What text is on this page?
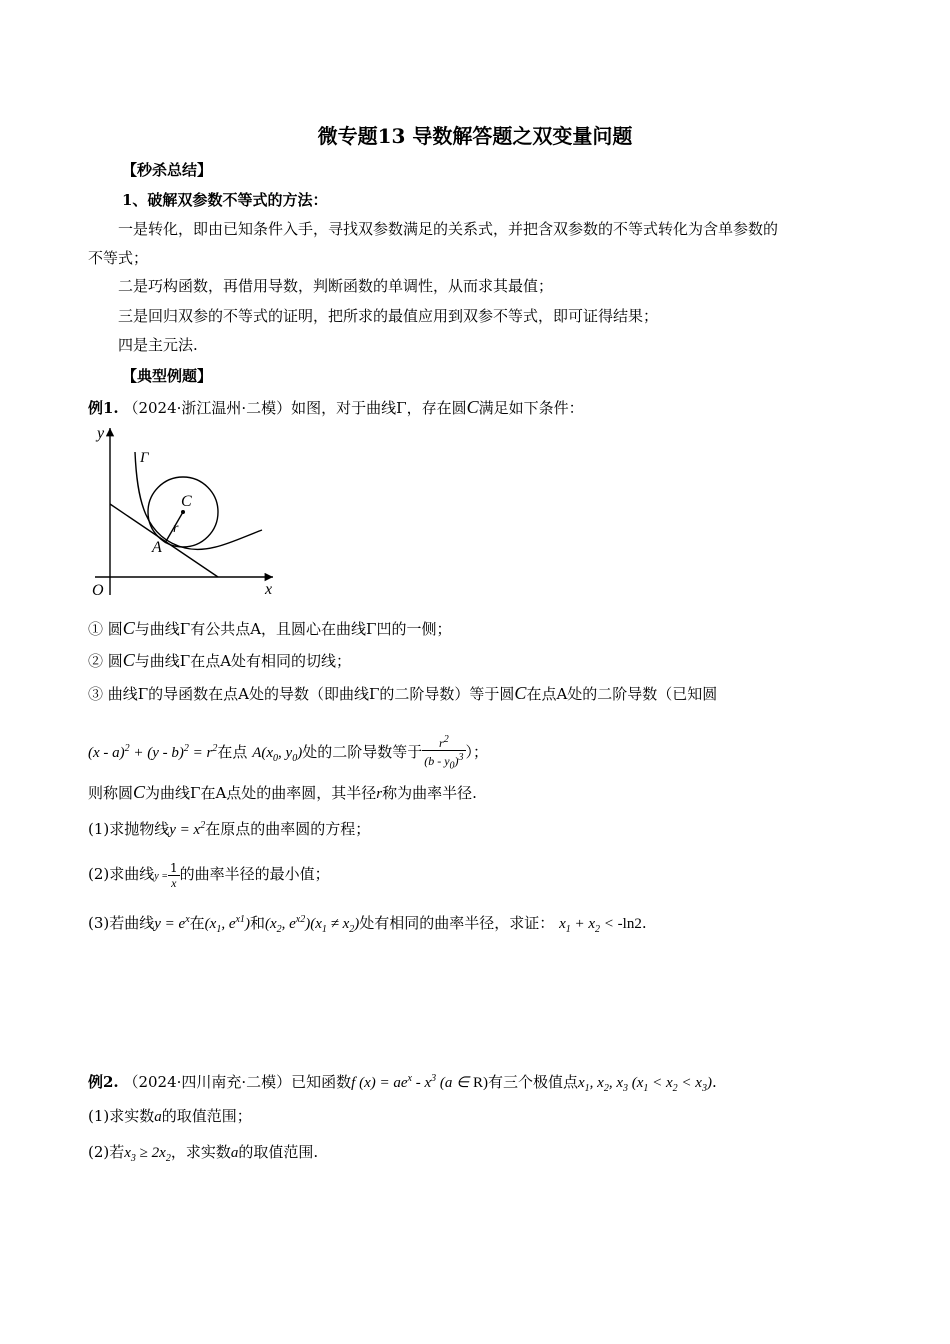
微专题13 导数解答题之双变量问题
【秒杀总结】
1、破解双参数不等式的方法：
一是转化，即由已知条件入手，寻找双参数满足的关系式，并把含双参数的不等式转化为含单参数的
不等式；
二是巧构函数，再借用导数，判断函数的单调性，从而求其最值；
三是回归双参的不等式的证明，把所求的最值应用到双参不等式，即可证得结果；
四是主元法.
【典型例题】
例1. （2024·浙江温州·二模）如图，对于曲线Γ，存在圆C满足如下条件：
y
x
O
Γ
C
r
A
① 圆C与曲线Γ有公共点A，且圆心在曲线Γ凹的一侧；
② 圆C与曲线Γ在点A处有相同的切线；
③ 曲线Γ的导函数在点A处的导数（即曲线Γ的二阶导数）等于圆C在点A处的二阶导数（已知圆
$(x - a)^2 + (y - b)^2 = r^2$在点 $A(x_0$, $y_0$)处的二阶导数等于 $\frac{r^2}{(b - y_0)^3}$ ）；
则称圆C为曲线Γ在A点处的曲率圆，其半径r称为曲率半径.
(1)求抛物线$y = x^2$在原点的曲率圆的方程；
(2)求曲线$y = \frac{1}{x}$ 的曲率半径的最小值；
(3)若曲线$y = e^x$在($x_1$, $e^{x1}$)和($x_2$, $e^{x2})(x_1 \ne x_2)$处有相同的曲率半径，求证： $x_1 + x_2 < -\ln 2$.
例2. （2024·四川南充·二模）已知函数f $(x) = ae^x - x^3$ (a ∈ R)有三个极值点$x_1$, $x_2$, $x_3$ $(x_1 < x_2 < x_3)$.
(1)求实数a的取值范围；
(2)若$x_3 \ge 2x_2$，求实数a的取值范围.
